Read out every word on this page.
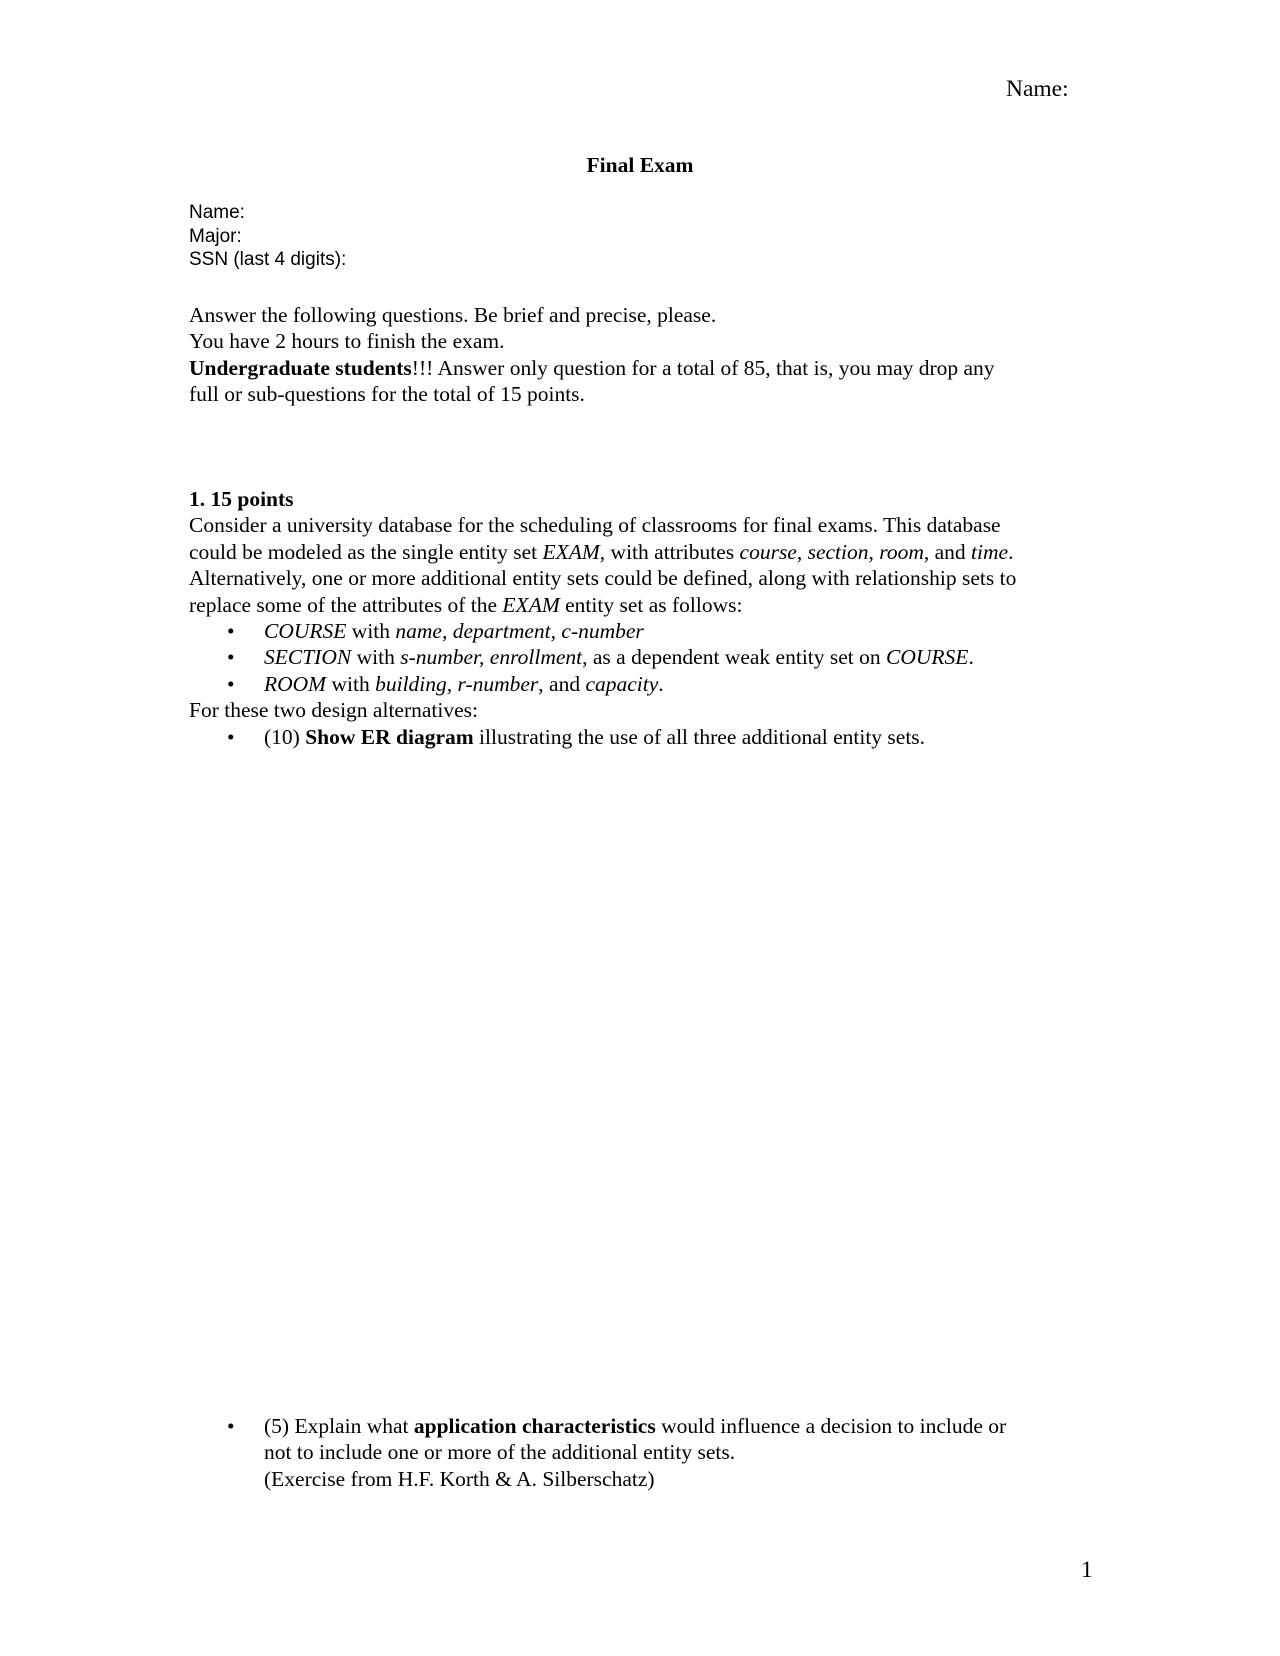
Name:
Final Exam
Name:
Major:
SSN (last 4 digits):

Answer the following questions. Be brief and precise, please.

You have 2 hours to finish the exam.

Undergraduate students!!! Answer only question for a total of 85, that is, you may drop any

full or sub-questions for the total of 15 points.

1. 15 points

Consider a university database for the scheduling of classrooms for final exams. This database

could be modeled as the single entity set EXAM, with attributes course, section, room, and time.

Alternatively, one or more additional entity sets could be defined, along with relationship sets to

replace some of the attributes of the EXAM entity set as follows:

• COURSE with name, department, c-number
• SECTION with s-number, enrollment, as a dependent weak entity set on COURSE.
• ROOM with building, r-number, and capacity.

For these two design alternatives:

• (10) Show ER diagram illustrating the use of all three additional entity sets.
• (5) Explain what application characteristics would influence a decision to include or
not to include one or more of the additional entity sets.
(Exercise from H.F. Korth & A. Silberschatz)
1
